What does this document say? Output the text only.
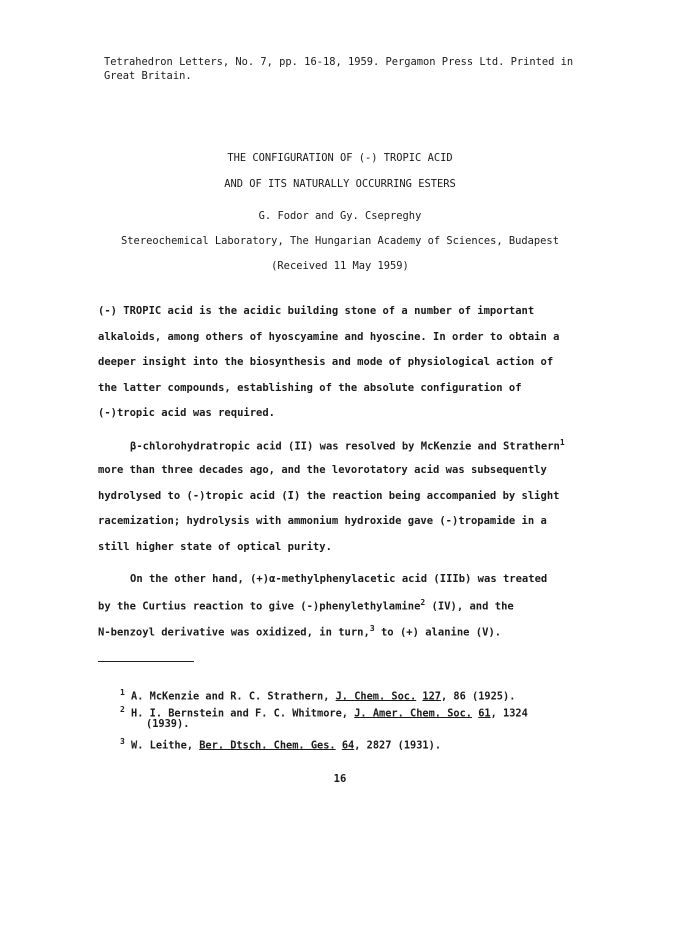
Tetrahedron Letters, No. 7, pp. 16-18, 1959. Pergamon Press Ltd. Printed in
Great Britain.
THE CONFIGURATION OF (-) TROPIC ACID
AND OF ITS NATURALLY OCCURRING ESTERS
G. Fodor and Gy. Csepreghy
Stereochemical Laboratory, The Hungarian Academy of Sciences, Budapest
(Received 11 May 1959)
(-) TROPIC acid is the acidic building stone of a number of important
alkaloids, among others of hyoscyamine and hyoscine. In order to obtain a
deeper insight into the biosynthesis and mode of physiological action of
the latter compounds, establishing of the absolute configuration of
(-)tropic acid was required.
β-chlorohydratropic acid (II) was resolved by McKenzie and Strathern$^1$
more than three decades ago, and the levorotatory acid was subsequently
hydrolysed to (-)tropic acid (I) the reaction being accompanied by slight
racemization; hydrolysis with ammonium hydroxide gave (-)tropamide in a
still higher state of optical purity.
On the other hand, (+)α-methylphenylacetic acid (IIIb) was treated
by the Curtius reaction to give (-)phenylethylamine$^2$ (IV), and the
N-benzoyl derivative was oxidized, in turn,$^3$ to (+) alanine (V).
$^1$ A. McKenzie and R. C. Strathern, J. Chem. Soc. 127, 86 (1925).
$^2$ H. I. Bernstein and F. C. Whitmore, J. Amer. Chem. Soc. 61, 1324
(1939).
$^3$ W. Leithe, Ber. Dtsch. Chem. Ges. 64, 2827 (1931).
16
